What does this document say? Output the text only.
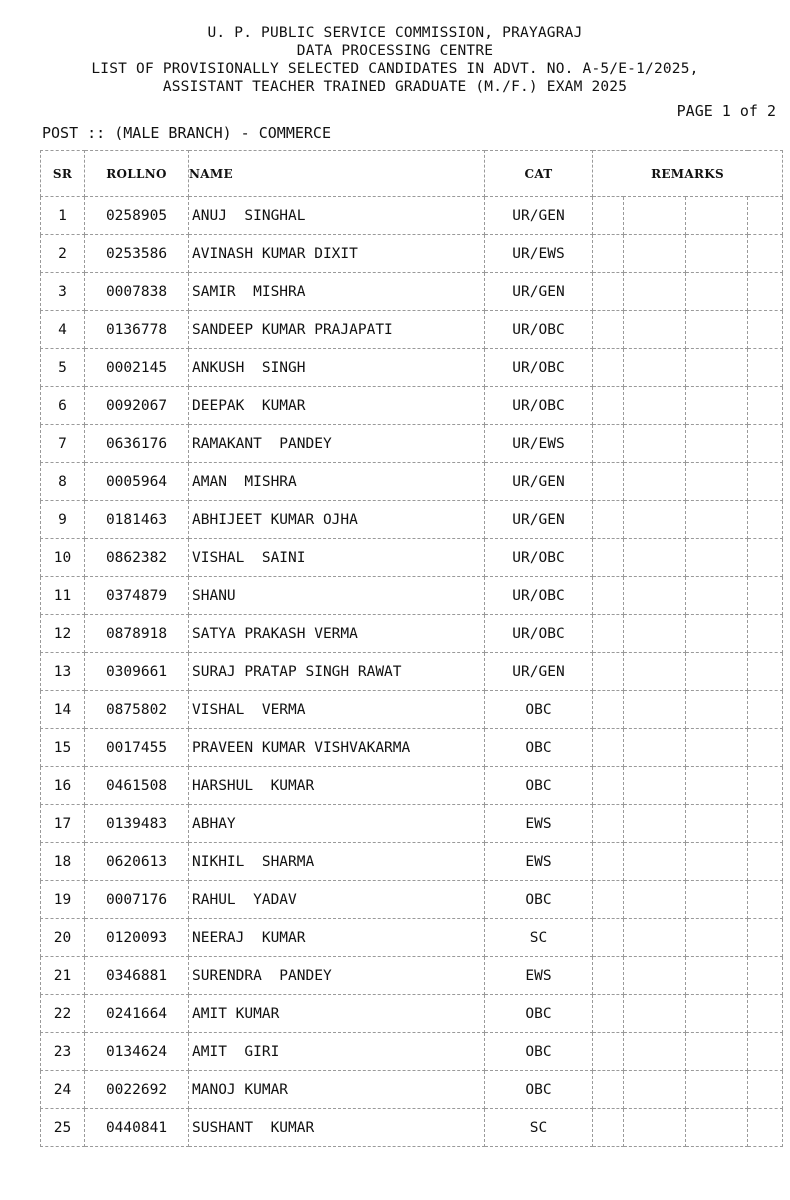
U. P. PUBLIC SERVICE COMMISSION, PRAYAGRAJ
DATA PROCESSING CENTRE
LIST OF PROVISIONALLY SELECTED CANDIDATES IN ADVT. NO. A-5/E-1/2025,
ASSISTANT TEACHER TRAINED GRADUATE (M./F.) EXAM 2025
PAGE 1 of 2
POST :: (MALE BRANCH) - COMMERCE
SR	ROLLNO	NAME	CAT	REMARKS			
1	0258905	ANUJ  SINGHAL	UR/GEN				
2	0253586	AVINASH KUMAR DIXIT	UR/EWS				
3	0007838	SAMIR  MISHRA	UR/GEN				
4	0136778	SANDEEP KUMAR PRAJAPATI	UR/OBC				
5	0002145	ANKUSH  SINGH	UR/OBC				
6	0092067	DEEPAK  KUMAR	UR/OBC				
7	0636176	RAMAKANT  PANDEY	UR/EWS				
8	0005964	AMAN  MISHRA	UR/GEN				
9	0181463	ABHIJEET KUMAR OJHA	UR/GEN				
10	0862382	VISHAL  SAINI	UR/OBC				
11	0374879	SHANU	UR/OBC				
12	0878918	SATYA PRAKASH VERMA	UR/OBC				
13	0309661	SURAJ PRATAP SINGH RAWAT	UR/GEN				
14	0875802	VISHAL  VERMA	OBC				
15	0017455	PRAVEEN KUMAR VISHVAKARMA	OBC				
16	0461508	HARSHUL  KUMAR	OBC				
17	0139483	ABHAY	EWS				
18	0620613	NIKHIL  SHARMA	EWS				
19	0007176	RAHUL  YADAV	OBC				
20	0120093	NEERAJ  KUMAR	SC				
21	0346881	SURENDRA  PANDEY	EWS				
22	0241664	AMIT KUMAR	OBC				
23	0134624	AMIT  GIRI	OBC				
24	0022692	MANOJ KUMAR	OBC				
25	0440841	SUSHANT  KUMAR	SC				
